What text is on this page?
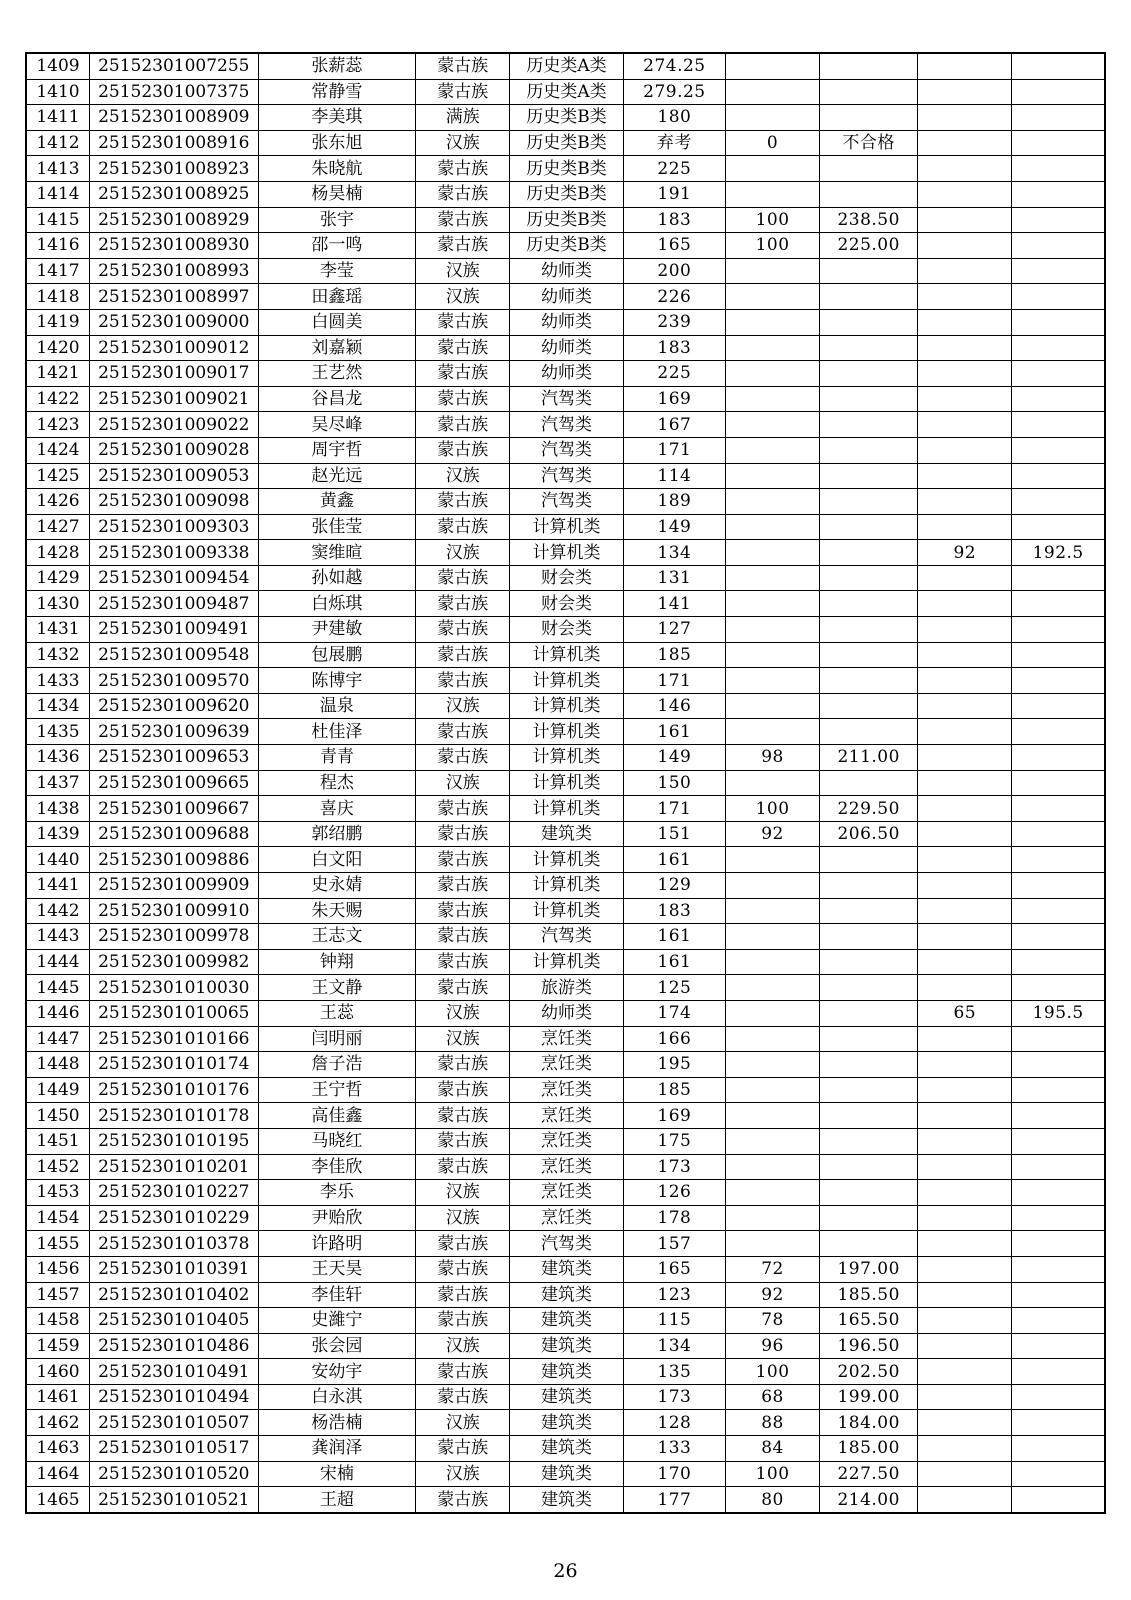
1409	25152301007255	张薪蕊	蒙古族	历史类A类	274.25				
1410	25152301007375	常静雪	蒙古族	历史类A类	279.25				
1411	25152301008909	李美琪	满族	历史类B类	180				
1412	25152301008916	张东旭	汉族	历史类B类	弃考	0	不合格		
1413	25152301008923	朱晓航	蒙古族	历史类B类	225				
1414	25152301008925	杨昊楠	蒙古族	历史类B类	191				
1415	25152301008929	张宇	蒙古族	历史类B类	183	100	238.50		
1416	25152301008930	邵一鸣	蒙古族	历史类B类	165	100	225.00		
1417	25152301008993	李莹	汉族	幼师类	200				
1418	25152301008997	田鑫瑶	汉族	幼师类	226				
1419	25152301009000	白圆美	蒙古族	幼师类	239				
1420	25152301009012	刘嘉颖	蒙古族	幼师类	183				
1421	25152301009017	王艺然	蒙古族	幼师类	225				
1422	25152301009021	谷昌龙	蒙古族	汽驾类	169				
1423	25152301009022	吴尽峰	蒙古族	汽驾类	167				
1424	25152301009028	周宇哲	蒙古族	汽驾类	171				
1425	25152301009053	赵光远	汉族	汽驾类	114				
1426	25152301009098	黄鑫	蒙古族	汽驾类	189				
1427	25152301009303	张佳莹	蒙古族	计算机类	149				
1428	25152301009338	窦维暄	汉族	计算机类	134			92	192.5
1429	25152301009454	孙如越	蒙古族	财会类	131				
1430	25152301009487	白烁琪	蒙古族	财会类	141				
1431	25152301009491	尹建敏	蒙古族	财会类	127				
1432	25152301009548	包展鹏	蒙古族	计算机类	185				
1433	25152301009570	陈博宇	蒙古族	计算机类	171				
1434	25152301009620	温泉	汉族	计算机类	146				
1435	25152301009639	杜佳泽	蒙古族	计算机类	161				
1436	25152301009653	青青	蒙古族	计算机类	149	98	211.00		
1437	25152301009665	程杰	汉族	计算机类	150				
1438	25152301009667	喜庆	蒙古族	计算机类	171	100	229.50		
1439	25152301009688	郭绍鹏	蒙古族	建筑类	151	92	206.50		
1440	25152301009886	白文阳	蒙古族	计算机类	161				
1441	25152301009909	史永婧	蒙古族	计算机类	129				
1442	25152301009910	朱天赐	蒙古族	计算机类	183				
1443	25152301009978	王志文	蒙古族	汽驾类	161				
1444	25152301009982	钟翔	蒙古族	计算机类	161				
1445	25152301010030	王文静	蒙古族	旅游类	125				
1446	25152301010065	王蕊	汉族	幼师类	174			65	195.5
1447	25152301010166	闫明丽	汉族	烹饪类	166				
1448	25152301010174	詹子浩	蒙古族	烹饪类	195				
1449	25152301010176	王宁哲	蒙古族	烹饪类	185				
1450	25152301010178	高佳鑫	蒙古族	烹饪类	169				
1451	25152301010195	马晓红	蒙古族	烹饪类	175				
1452	25152301010201	李佳欣	蒙古族	烹饪类	173				
1453	25152301010227	李乐	汉族	烹饪类	126				
1454	25152301010229	尹贻欣	汉族	烹饪类	178				
1455	25152301010378	许路明	蒙古族	汽驾类	157				
1456	25152301010391	王天昊	蒙古族	建筑类	165	72	197.00		
1457	25152301010402	李佳轩	蒙古族	建筑类	123	92	185.50		
1458	25152301010405	史濰宁	蒙古族	建筑类	115	78	165.50		
1459	25152301010486	张会园	汉族	建筑类	134	96	196.50		
1460	25152301010491	安幼宇	蒙古族	建筑类	135	100	202.50		
1461	25152301010494	白永淇	蒙古族	建筑类	173	68	199.00		
1462	25152301010507	杨浩楠	汉族	建筑类	128	88	184.00		
1463	25152301010517	龚润泽	蒙古族	建筑类	133	84	185.00		
1464	25152301010520	宋楠	汉族	建筑类	170	100	227.50		
1465	25152301010521	王超	蒙古族	建筑类	177	80	214.00		
26
